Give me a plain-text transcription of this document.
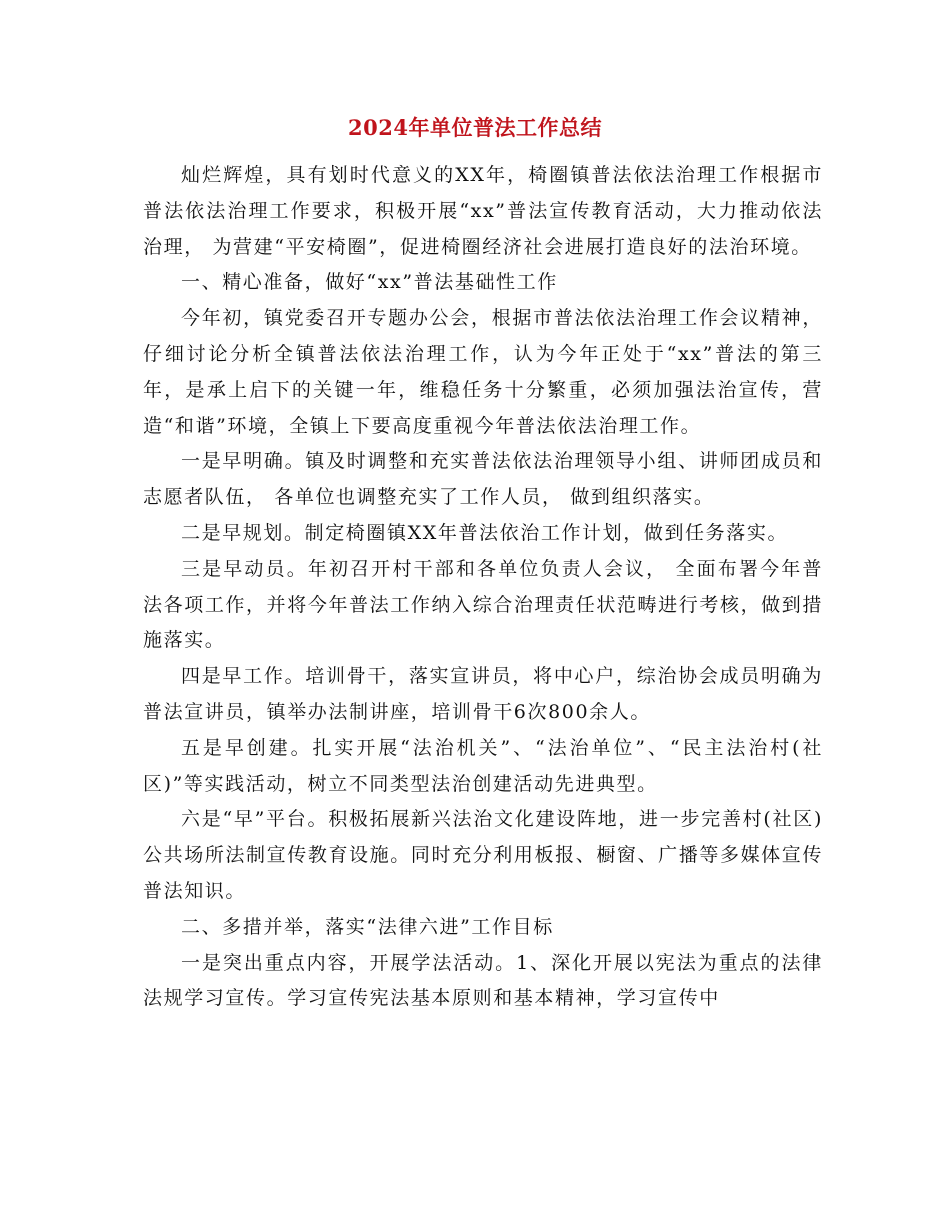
2024年单位普法工作总结

灿烂辉煌，具有划时代意义的XX年，椅圈镇普法依法治理工作根据市普法依法治理工作要求，积极开展“xx”普法宣传教育活动，大力推动依法治理， 为营建“平安椅圈”，促进椅圈经济社会进展打造良好的法治环境。

一、精心准备，做好“xx”普法基础性工作

今年初，镇党委召开专题办公会，根据市普法依法治理工作会议精神，仔细讨论分析全镇普法依法治理工作，认为今年正处于“xx”普法的第三年，是承上启下的关键一年，维稳任务十分繁重，必须加强法治宣传，营造“和谐”环境，全镇上下要高度重视今年普法依法治理工作。

一是早明确。镇及时调整和充实普法依法治理领导小组、讲师团成员和志愿者队伍， 各单位也调整充实了工作人员， 做到组织落实。

二是早规划。制定椅圈镇XX年普法依治工作计划，做到任务落实。

三是早动员。年初召开村干部和各单位负责人会议， 全面布署今年普法各项工作，并将今年普法工作纳入综合治理责任状范畴进行考核，做到措施落实。

四是早工作。培训骨干，落实宣讲员，将中心户，综治协会成员明确为普法宣讲员，镇举办法制讲座，培训骨干6次800余人。

五是早创建。扎实开展“法治机关”、“法治单位”、“民主法治村(社区)”等实践活动，树立不同类型法治创建活动先进典型。

六是“早”平台。积极拓展新兴法治文化建设阵地，进一步完善村(社区)公共场所法制宣传教育设施。同时充分利用板报、橱窗、广播等多媒体宣传普法知识。

二、多措并举，落实“法律六进”工作目标

一是突出重点内容，开展学法活动。1、深化开展以宪法为重点的法律法规学习宣传。学习宣传宪法基本原则和基本精神，学习宣传中
